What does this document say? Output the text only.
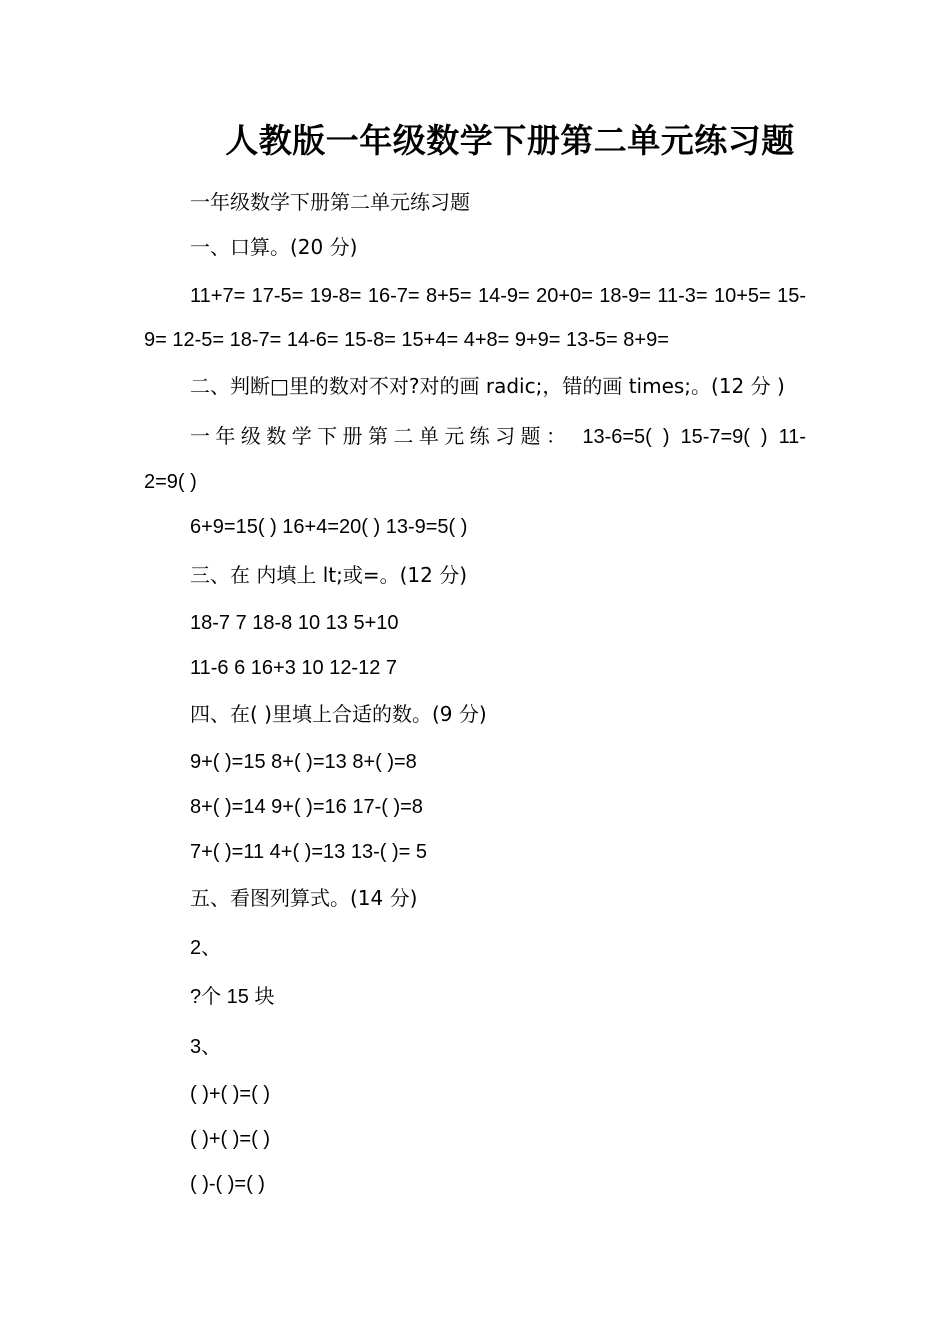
人教版一年级数学下册第二单元练习题
一年级数学下册第二单元练习题
一、口算。(20 分)
11+7= 17-5= 19-8= 16-7= 8+5= 14-9= 20+0= 18-9= 11-3= 10+5= 15-
9= 12-5= 18-7= 14-6= 15-8= 15+4= 4+8= 9+9= 13-5= 8+9=
二、判断□里的数对不对?对的画 radic;，错的画 times;。(12 分 )
一年级数学下册第二单元练习题： 13-6=5( ) 15-7=9( ) 11-
2=9( )
6+9=15( ) 16+4=20( ) 13-9=5( )
三、在 内填上 lt;或=。(12 分)
18-7 7 18-8 10 13 5+10
11-6 6 16+3 10 12-12 7
四、在( )里填上合适的数。(9 分)
9+( )=15 8+( )=13 8+( )=8
8+( )=14 9+( )=16 17-( )=8
7+( )=11 4+( )=13 13-( )= 5
五、看图列算式。(14 分)
2、
?个 15 块
3、
( )+( )=( )
( )+( )=( )
( )-( )=( )
